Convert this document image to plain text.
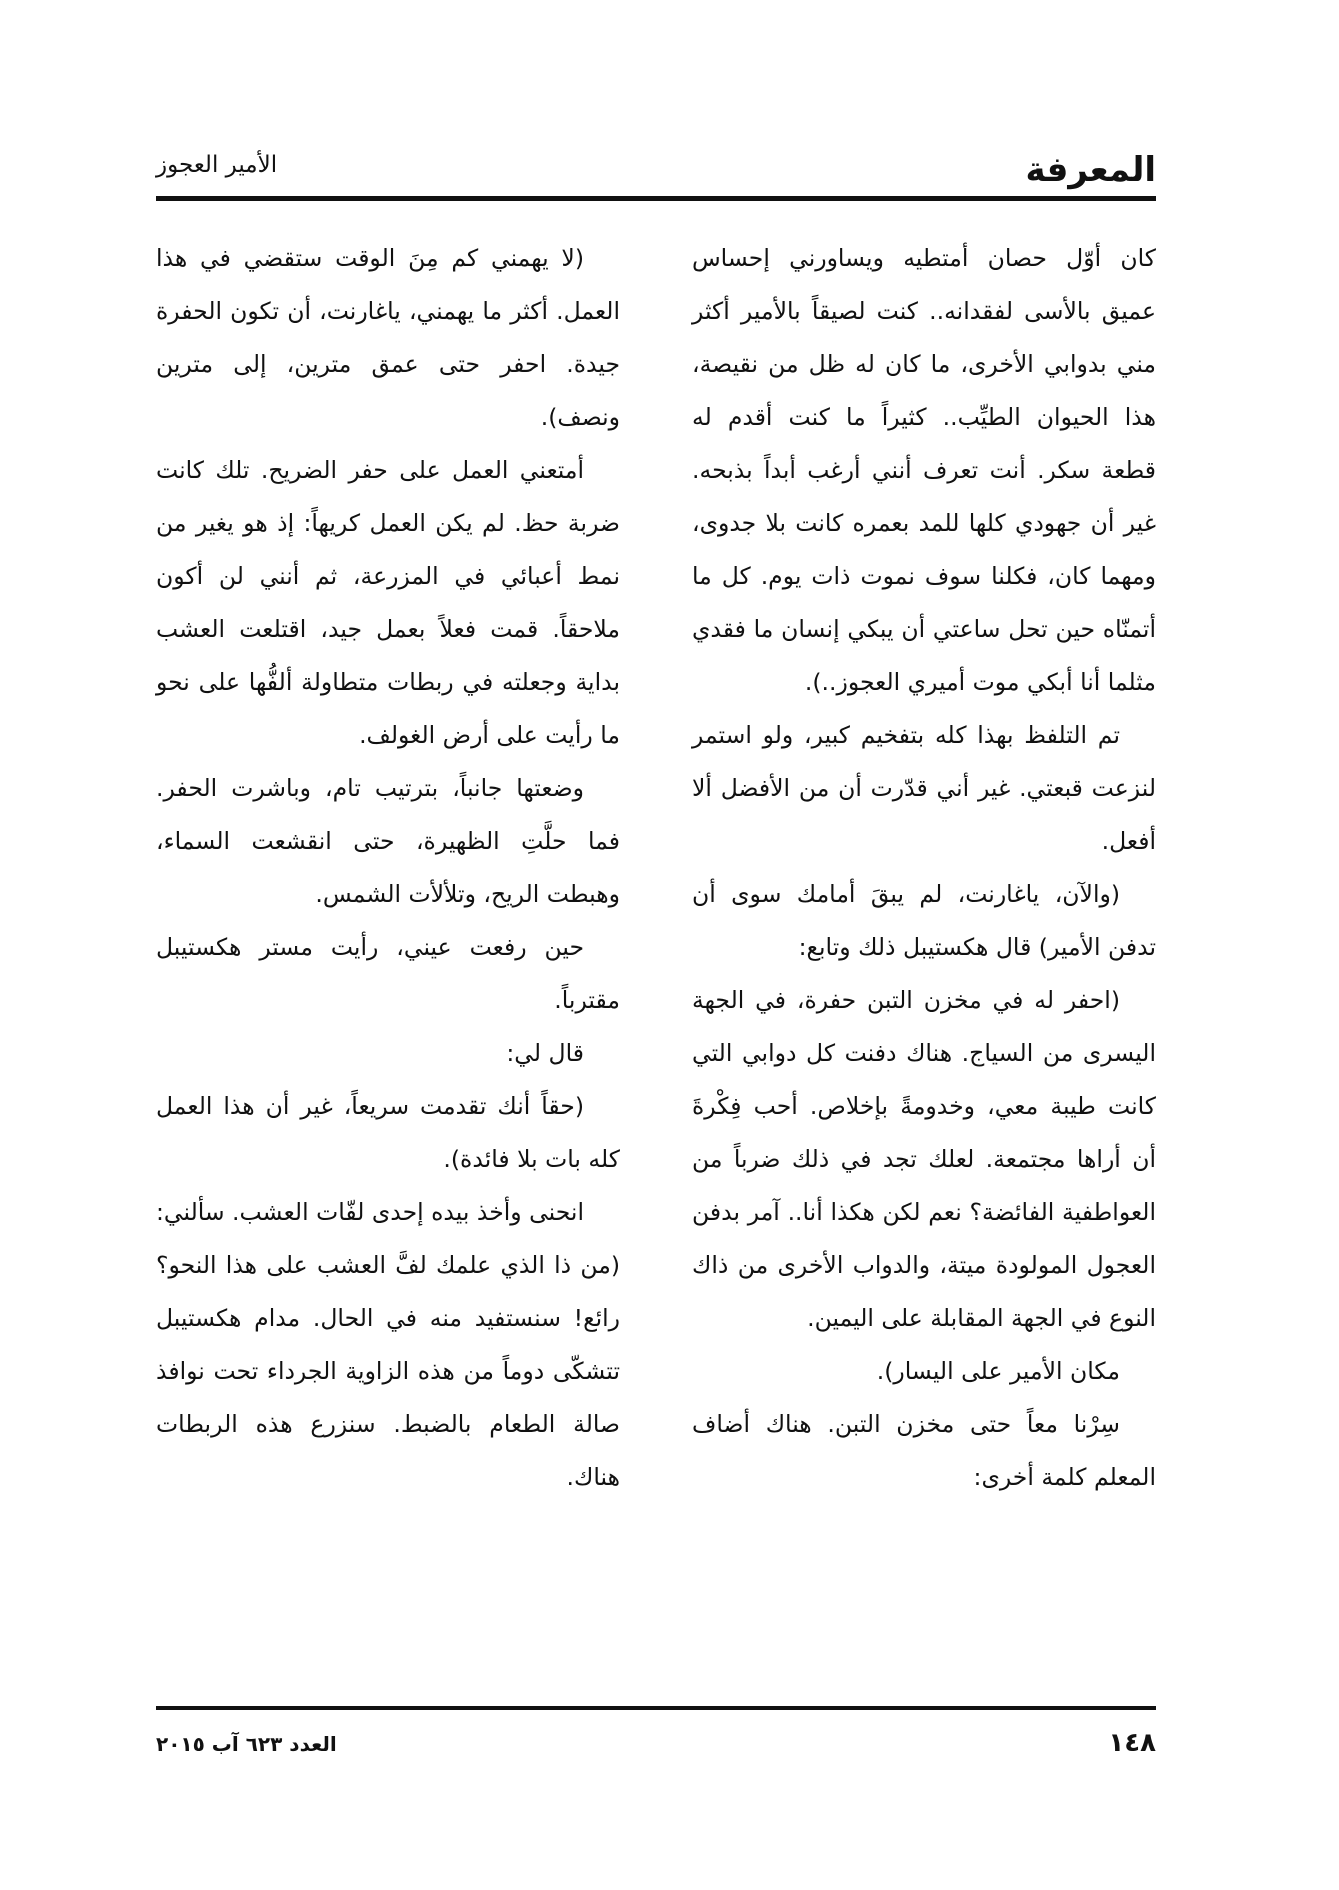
المعرفة
الأمير العجوز

كان أوّل حصان أمتطيه ويساورني إحساس عميق بالأسى لفقدانه.. كنت لصيقاً بالأمير أكثر مني بدوابي الأخرى، ما كان له ظل من نقيصة، هذا الحيوان الطيِّب.. كثيراً ما كنت أقدم له قطعة سكر. أنت تعرف أنني أرغب أبداً بذبحه. غير أن جهودي كلها للمد بعمره كانت بلا جدوى، ومهما كان، فكلنا سوف نموت ذات يوم. كل ما أتمنّاه حين تحل ساعتي أن يبكي إنسان ما فقدي مثلما أنا أبكي موت أميري العجوز..).

تم التلفظ بهذا كله بتفخيم كبير، ولو استمر لنزعت قبعتي. غير أني قدّرت أن من الأفضل ألا أفعل.

(والآن، ياغارنت، لم يبقَ أمامك سوى أن تدفن الأمير) قال هكستيبل ذلك وتابع:

(احفر له في مخزن التبن حفرة، في الجهة اليسرى من السياج. هناك دفنت كل دوابي التي كانت طيبة معي، وخدومةً بإخلاص. أحب فِكْرةَ أن أراها مجتمعة. لعلك تجد في ذلك ضرباً من العواطفية الفائضة؟ نعم لكن هكذا أنا.. آمر بدفن العجول المولودة ميتة، والدواب الأخرى من ذاك النوع في الجهة المقابلة على اليمين.

مكان الأمير على اليسار).

سِرْنا معاً حتى مخزن التبن. هناك أضاف المعلم كلمة أخرى:

(لا يهمني كم مِنَ الوقت ستقضي في هذا العمل. أكثر ما يهمني، ياغارنت، أن تكون الحفرة جيدة. احفر حتى عمق مترين، إلى مترين ونصف).

أمتعني العمل على حفر الضريح. تلك كانت ضربة حظ. لم يكن العمل كريهاً: إذ هو يغير من نمط أعبائي في المزرعة، ثم أنني لن أكون ملاحقاً. قمت فعلاً بعمل جيد، اقتلعت العشب بداية وجعلته في ربطات متطاولة ألفُّها على نحو ما رأيت على أرض الغولف.

وضعتها جانباً، بترتيب تام، وباشرت الحفر. فما حلَّتِ الظهيرة، حتى انقشعت السماء، وهبطت الريح، وتلألأت الشمس.

حين رفعت عيني، رأيت مستر هكستيبل مقترباً.

قال لي:

(حقاً أنك تقدمت سريعاً، غير أن هذا العمل كله بات بلا فائدة).

انحنى وأخذ بيده إحدى لفّات العشب. سألني:

(من ذا الذي علمك لفَّ العشب على هذا النحو؟ رائع! سنستفيد منه في الحال. مدام هكستيبل تتشكّى دوماً من هذه الزاوية الجرداء تحت نوافذ صالة الطعام بالضبط. سنزرع هذه الربطات هناك.

١٤٨
العدد ٦٢٣ آب ٢٠١٥
